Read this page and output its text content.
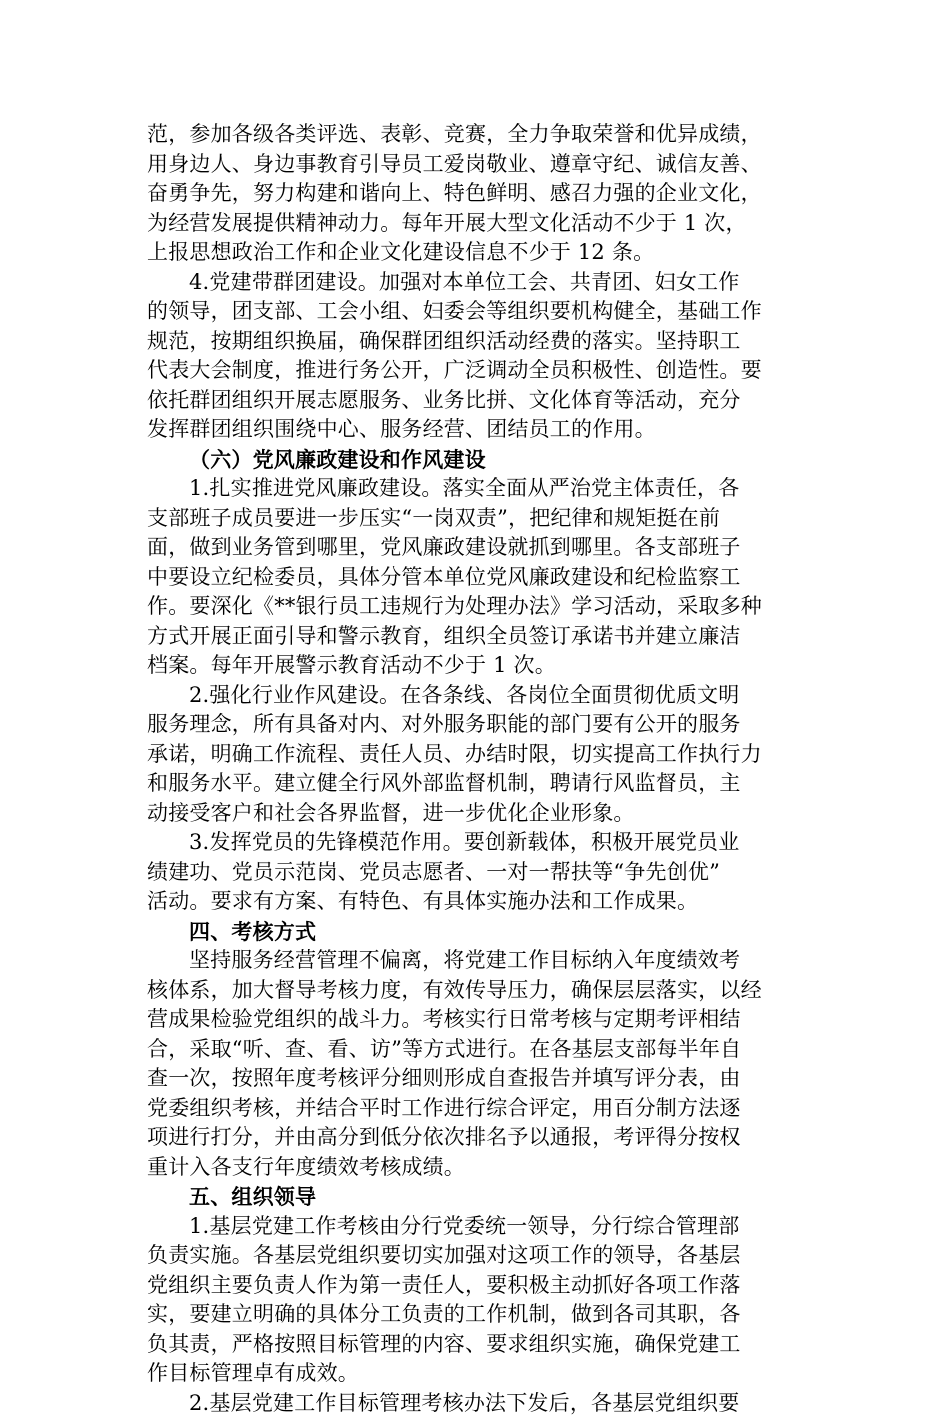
范，参加各级各类评选、表彰、竞赛，全力争取荣誉和优异成绩，
用身边人、身边事教育引导员工爱岗敬业、遵章守纪、诚信友善、
奋勇争先，努力构建和谐向上、特色鲜明、感召力强的企业文化，
为经营发展提供精神动力。每年开展大型文化活动不少于 1 次，
上报思想政治工作和企业文化建设信息不少于 12 条。
4.党建带群团建设。加强对本单位工会、共青团、妇女工作
的领导，团支部、工会小组、妇委会等组织要机构健全，基础工作
规范，按期组织换届，确保群团组织活动经费的落实。坚持职工
代表大会制度，推进行务公开，广泛调动全员积极性、创造性。要
依托群团组织开展志愿服务、业务比拼、文化体育等活动，充分
发挥群团组织围绕中心、服务经营、团结员工的作用。
（六）党风廉政建设和作风建设
1.扎实推进党风廉政建设。落实全面从严治党主体责任，各
支部班子成员要进一步压实“一岗双责”，把纪律和规矩挺在前
面，做到业务管到哪里，党风廉政建设就抓到哪里。各支部班子
中要设立纪检委员，具体分管本单位党风廉政建设和纪检监察工
作。要深化《**银行员工违规行为处理办法》学习活动，采取多种
方式开展正面引导和警示教育，组织全员签订承诺书并建立廉洁
档案。每年开展警示教育活动不少于 1 次。
2.强化行业作风建设。在各条线、各岗位全面贯彻优质文明
服务理念，所有具备对内、对外服务职能的部门要有公开的服务
承诺，明确工作流程、责任人员、办结时限，切实提高工作执行力
和服务水平。建立健全行风外部监督机制，聘请行风监督员，主
动接受客户和社会各界监督，进一步优化企业形象。
3.发挥党员的先锋模范作用。要创新载体，积极开展党员业
绩建功、党员示范岗、党员志愿者、一对一帮扶等“争先创优”
活动。要求有方案、有特色、有具体实施办法和工作成果。
四、考核方式
坚持服务经营管理不偏离，将党建工作目标纳入年度绩效考
核体系，加大督导考核力度，有效传导压力，确保层层落实，以经
营成果检验党组织的战斗力。考核实行日常考核与定期考评相结
合，采取“听、查、看、访”等方式进行。在各基层支部每半年自
查一次，按照年度考核评分细则形成自查报告并填写评分表，由
党委组织考核，并结合平时工作进行综合评定，用百分制方法逐
项进行打分，并由高分到低分依次排名予以通报，考评得分按权
重计入各支行年度绩效考核成绩。
五、组织领导
1.基层党建工作考核由分行党委统一领导，分行综合管理部
负责实施。各基层党组织要切实加强对这项工作的领导，各基层
党组织主要负责人作为第一责任人，要积极主动抓好各项工作落
实，要建立明确的具体分工负责的工作机制，做到各司其职，各
负其责，严格按照目标管理的内容、要求组织实施，确保党建工
作目标管理卓有成效。
2.基层党建工作目标管理考核办法下发后，各基层党组织要
